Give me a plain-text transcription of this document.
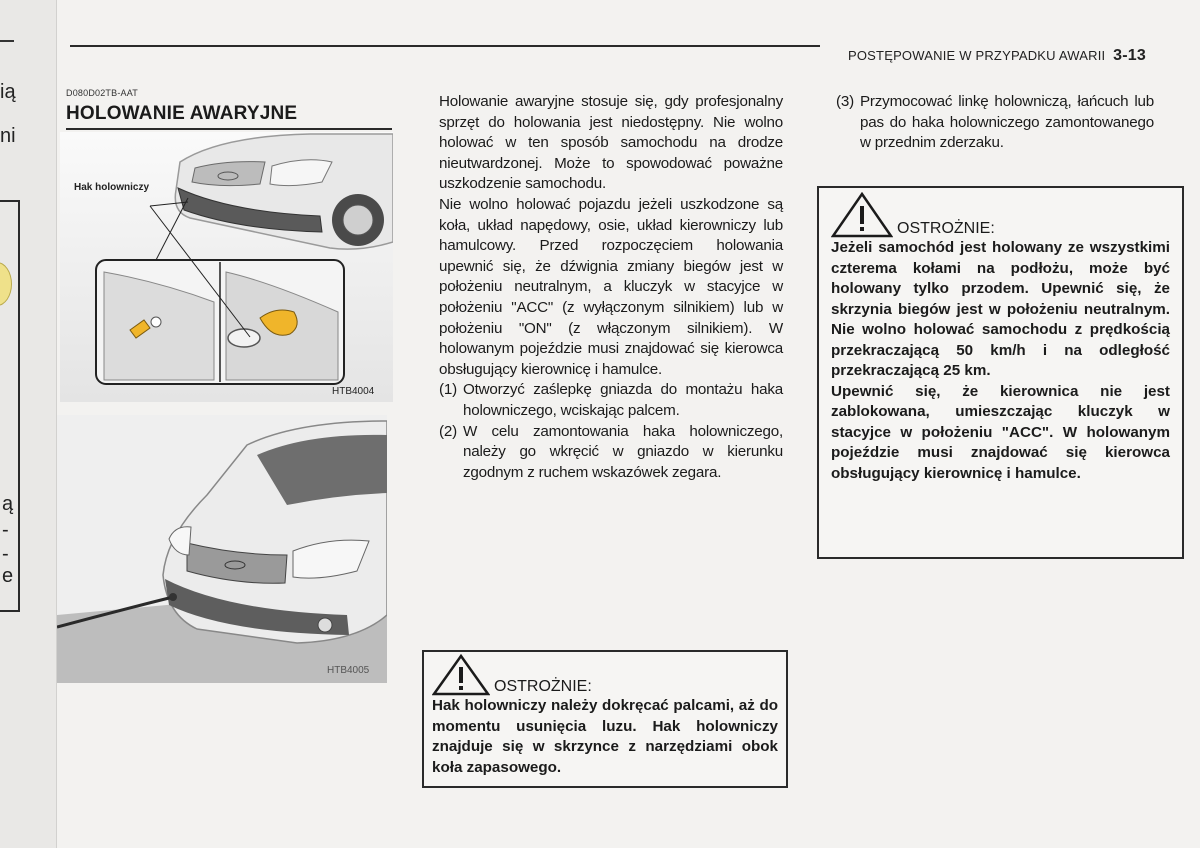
ią
ni
ą
-
-
e
POSTĘPOWANIE W PRZYPADKU AWARII 3-13
D080D02TB-AAT
HOLOWANIE AWARYJNE
Hak holowniczy
HTB4004
HTB4005

Holowanie awaryjne stosuje się, gdy profesjonalny sprzęt do holowania jest niedostępny. Nie wolno holować w ten sposób samochodu na drodze nieutwardzonej. Może to spowodować poważne uszkodzenie samochodu.

Nie wolno holować pojazdu jeżeli uszkodzone są koła, układ napędowy, osie, układ kierowniczy lub hamulcowy. Przed rozpoczęciem holowania upewnić się, że dźwignia zmiany biegów jest w położeniu neutralnym, a kluczyk w stacyjce w położeniu "ACC" (z wyłączonym silnikiem) lub w położeniu "ON" (z włączonym silnikiem). W holowanym pojeździe musi znajdować się kierowca obsługujący kierownicę i hamulce.

(1) Otworzyć zaślepkę gniazda do montażu haka holowniczego, wciskając palcem.
(2) W celu zamontowania haka holowniczego, należy go wkręcić w gniazdo w kierunku zgodnym z ruchem wskazówek zegara.
OSTROŻNIE:
Hak holowniczy należy dokręcać palcami, aż do momentu usunięcia luzu. Hak holowniczy znajduje się w skrzynce z narzędziami obok koła zapasowego.
(3) Przymocować linkę holowniczą, łańcuch lub pas do haka holowniczego zamontowanego w przednim zderzaku.
OSTROŻNIE:

Jeżeli samochód jest holowany ze wszystkimi czterema kołami na podłożu, może być holowany tylko przodem. Upewnić się, że skrzynia biegów jest w położeniu neutralnym. Nie wolno holować samochodu z prędkością przekraczającą 50 km/h i na odległość przekraczającą 25 km.

Upewnić się, że kierownica nie jest zablokowana, umieszczając kluczyk w stacyjce w położeniu "ACC". W holowanym pojeździe musi znajdować się kierowca obsługujący kierownicę i hamulce.
